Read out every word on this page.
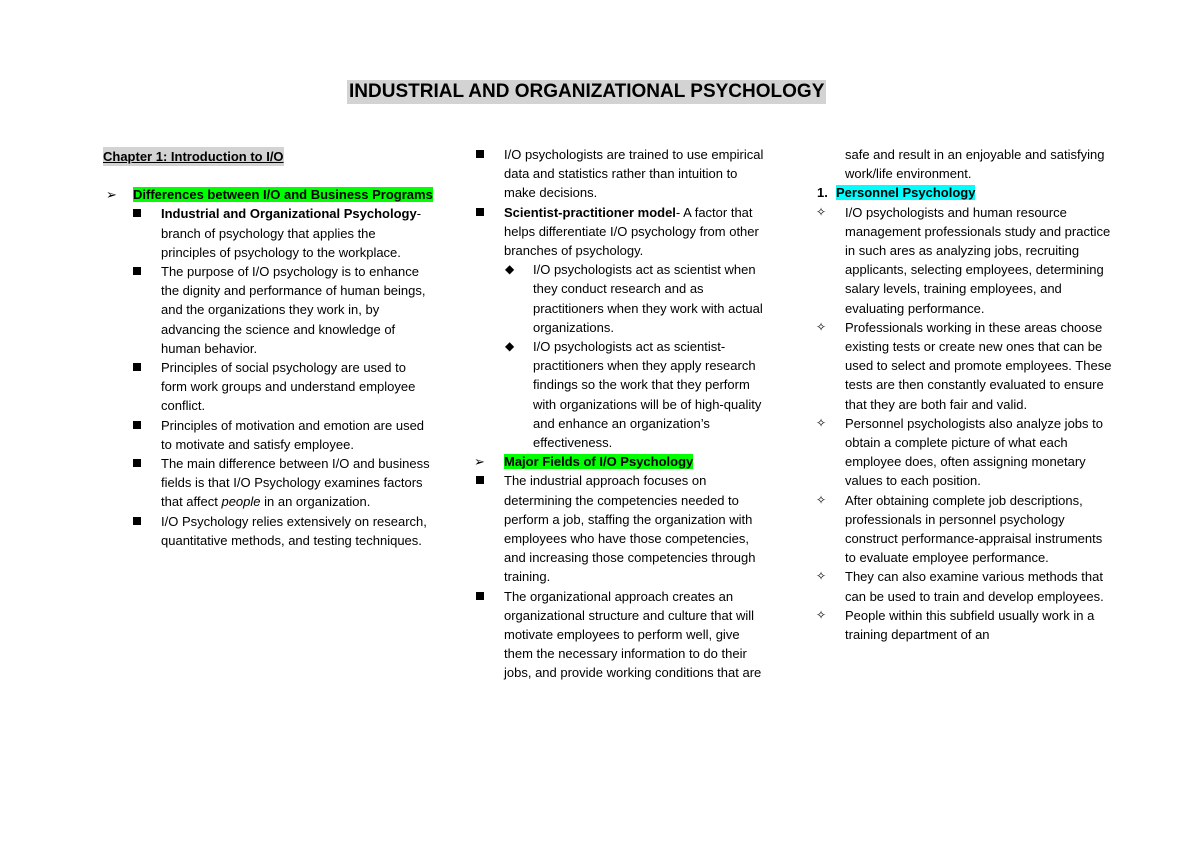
INDUSTRIAL AND ORGANIZATIONAL PSYCHOLOGY
Chapter 1: Introduction to I/O
➢ Differences between I/O and Business Programs
Industrial and Organizational Psychology- branch of psychology that applies the principles of psychology to the workplace.
The purpose of I/O psychology is to enhance the dignity and performance of human beings, and the organizations they work in, by advancing the science and knowledge of human behavior.
Principles of social psychology are used to form work groups and understand employee conflict.
Principles of motivation and emotion are used to motivate and satisfy employee.
The main difference between I/O and business fields is that I/O Psychology examines factors that affect people in an organization.
I/O Psychology relies extensively on research, quantitative methods, and testing techniques.
I/O psychologists are trained to use empirical data and statistics rather than intuition to make decisions.
Scientist-practitioner model- A factor that helps differentiate I/O psychology from other branches of psychology.
◆ I/O psychologists act as scientist when they conduct research and as practitioners when they work with actual organizations.
◆ I/O psychologists act as scientist-practitioners when they apply research findings so the work that they perform with organizations will be of high-quality and enhance an organization’s effectiveness.
➢ Major Fields of I/O Psychology
The industrial approach focuses on determining the competencies needed to perform a job, staffing the organization with employees who have those competencies, and increasing those competencies through training.
The organizational approach creates an organizational structure and culture that will motivate employees to perform well, give them the necessary information to do their jobs, and provide working conditions that are
safe and result in an enjoyable and satisfying work/life environment.
1. Personnel Psychology
✧ I/O psychologists and human resource management professionals study and practice in such ares as analyzing jobs, recruiting applicants, selecting employees, determining salary levels, training employees, and evaluating performance.
✧ Professionals working in these areas choose existing tests or create new ones that can be used to select and promote employees. These tests are then constantly evaluated to ensure that they are both fair and valid.
✧ Personnel psychologists also analyze jobs to obtain a complete picture of what each employee does, often assigning monetary values to each position.
✧ After obtaining complete job descriptions, professionals in personnel psychology construct performance-appraisal instruments to evaluate employee performance.
✧ They can also examine various methods that can be used to train and develop employees.
✧ People within this subfield usually work in a training department of an
